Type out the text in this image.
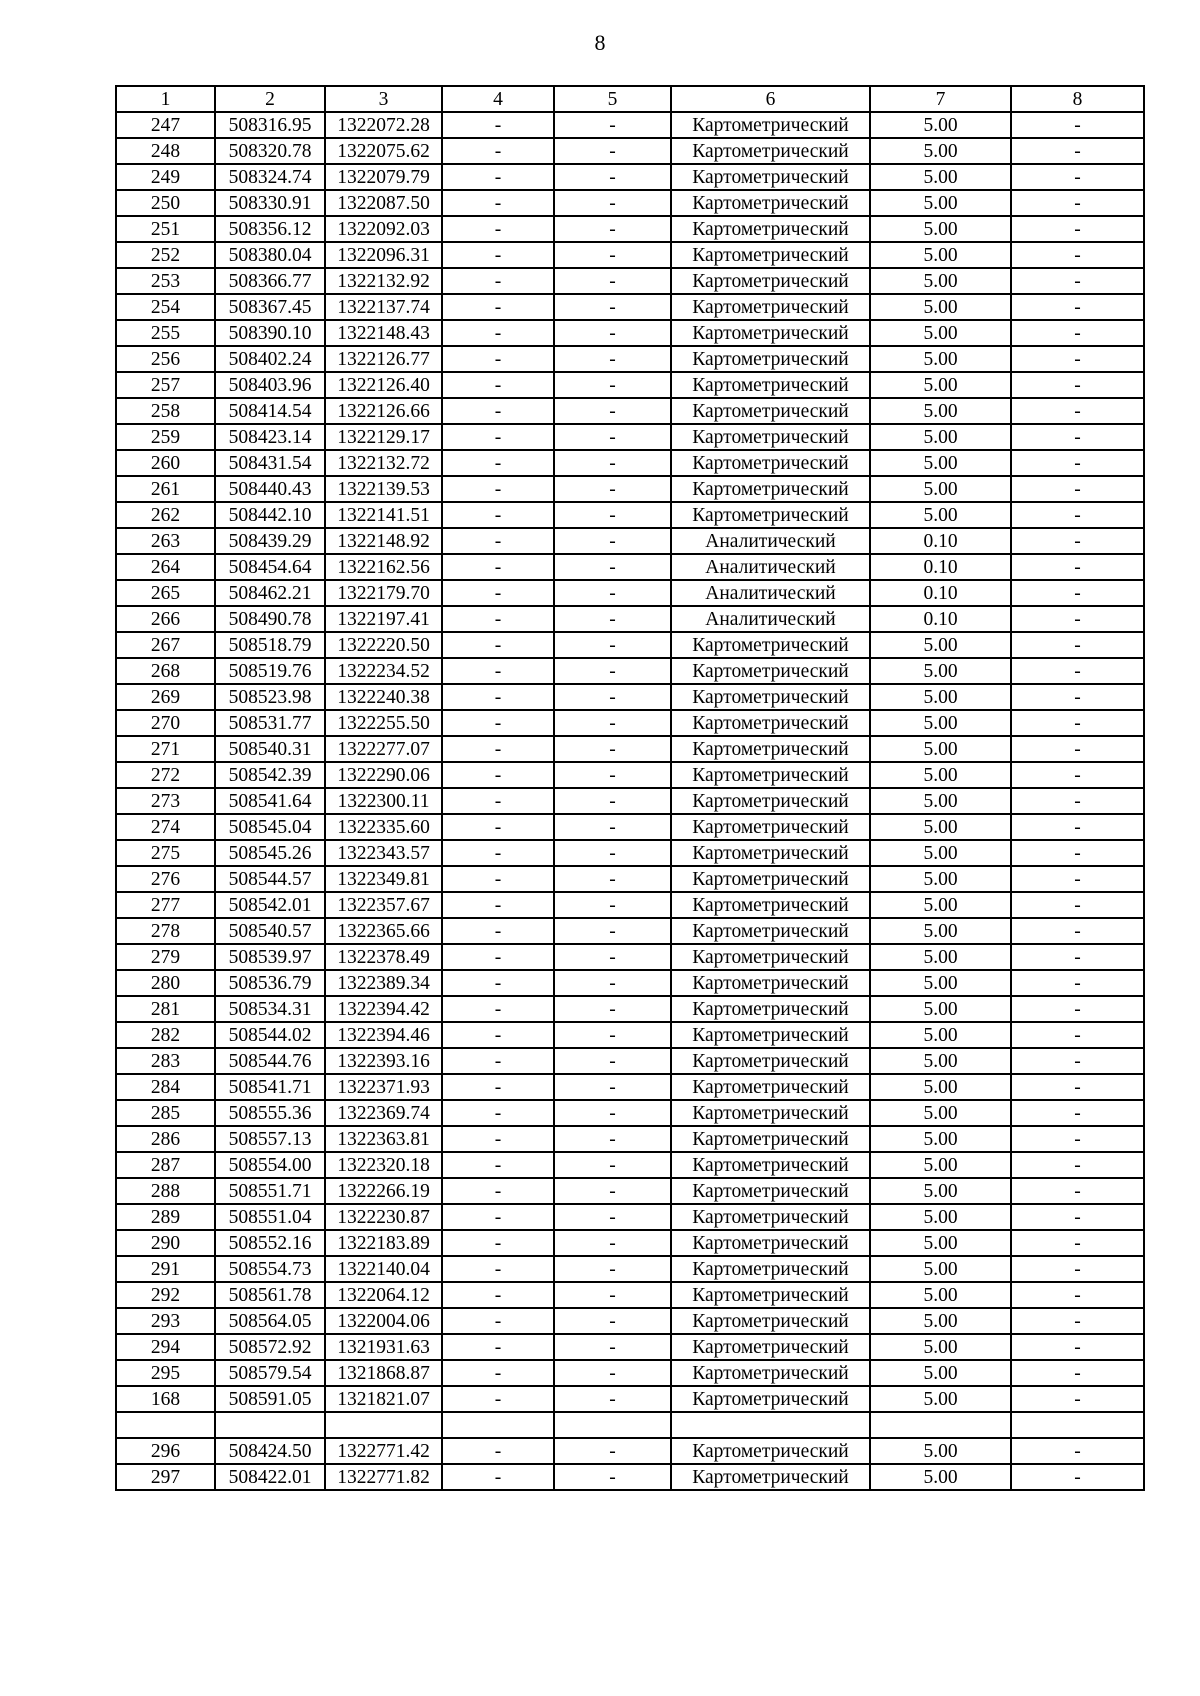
8
1	2	3	4	5	6	7	8
247	508316.95	1322072.28	-	-	Картометрический	5.00	-
248	508320.78	1322075.62	-	-	Картометрический	5.00	-
249	508324.74	1322079.79	-	-	Картометрический	5.00	-
250	508330.91	1322087.50	-	-	Картометрический	5.00	-
251	508356.12	1322092.03	-	-	Картометрический	5.00	-
252	508380.04	1322096.31	-	-	Картометрический	5.00	-
253	508366.77	1322132.92	-	-	Картометрический	5.00	-
254	508367.45	1322137.74	-	-	Картометрический	5.00	-
255	508390.10	1322148.43	-	-	Картометрический	5.00	-
256	508402.24	1322126.77	-	-	Картометрический	5.00	-
257	508403.96	1322126.40	-	-	Картометрический	5.00	-
258	508414.54	1322126.66	-	-	Картометрический	5.00	-
259	508423.14	1322129.17	-	-	Картометрический	5.00	-
260	508431.54	1322132.72	-	-	Картометрический	5.00	-
261	508440.43	1322139.53	-	-	Картометрический	5.00	-
262	508442.10	1322141.51	-	-	Картометрический	5.00	-
263	508439.29	1322148.92	-	-	Аналитический	0.10	-
264	508454.64	1322162.56	-	-	Аналитический	0.10	-
265	508462.21	1322179.70	-	-	Аналитический	0.10	-
266	508490.78	1322197.41	-	-	Аналитический	0.10	-
267	508518.79	1322220.50	-	-	Картометрический	5.00	-
268	508519.76	1322234.52	-	-	Картометрический	5.00	-
269	508523.98	1322240.38	-	-	Картометрический	5.00	-
270	508531.77	1322255.50	-	-	Картометрический	5.00	-
271	508540.31	1322277.07	-	-	Картометрический	5.00	-
272	508542.39	1322290.06	-	-	Картометрический	5.00	-
273	508541.64	1322300.11	-	-	Картометрический	5.00	-
274	508545.04	1322335.60	-	-	Картометрический	5.00	-
275	508545.26	1322343.57	-	-	Картометрический	5.00	-
276	508544.57	1322349.81	-	-	Картометрический	5.00	-
277	508542.01	1322357.67	-	-	Картометрический	5.00	-
278	508540.57	1322365.66	-	-	Картометрический	5.00	-
279	508539.97	1322378.49	-	-	Картометрический	5.00	-
280	508536.79	1322389.34	-	-	Картометрический	5.00	-
281	508534.31	1322394.42	-	-	Картометрический	5.00	-
282	508544.02	1322394.46	-	-	Картометрический	5.00	-
283	508544.76	1322393.16	-	-	Картометрический	5.00	-
284	508541.71	1322371.93	-	-	Картометрический	5.00	-
285	508555.36	1322369.74	-	-	Картометрический	5.00	-
286	508557.13	1322363.81	-	-	Картометрический	5.00	-
287	508554.00	1322320.18	-	-	Картометрический	5.00	-
288	508551.71	1322266.19	-	-	Картометрический	5.00	-
289	508551.04	1322230.87	-	-	Картометрический	5.00	-
290	508552.16	1322183.89	-	-	Картометрический	5.00	-
291	508554.73	1322140.04	-	-	Картометрический	5.00	-
292	508561.78	1322064.12	-	-	Картометрический	5.00	-
293	508564.05	1322004.06	-	-	Картометрический	5.00	-
294	508572.92	1321931.63	-	-	Картометрический	5.00	-
295	508579.54	1321868.87	-	-	Картометрический	5.00	-
168	508591.05	1321821.07	-	-	Картометрический	5.00	-

296	508424.50	1322771.42	-	-	Картометрический	5.00	-
297	508422.01	1322771.82	-	-	Картометрический	5.00	-
